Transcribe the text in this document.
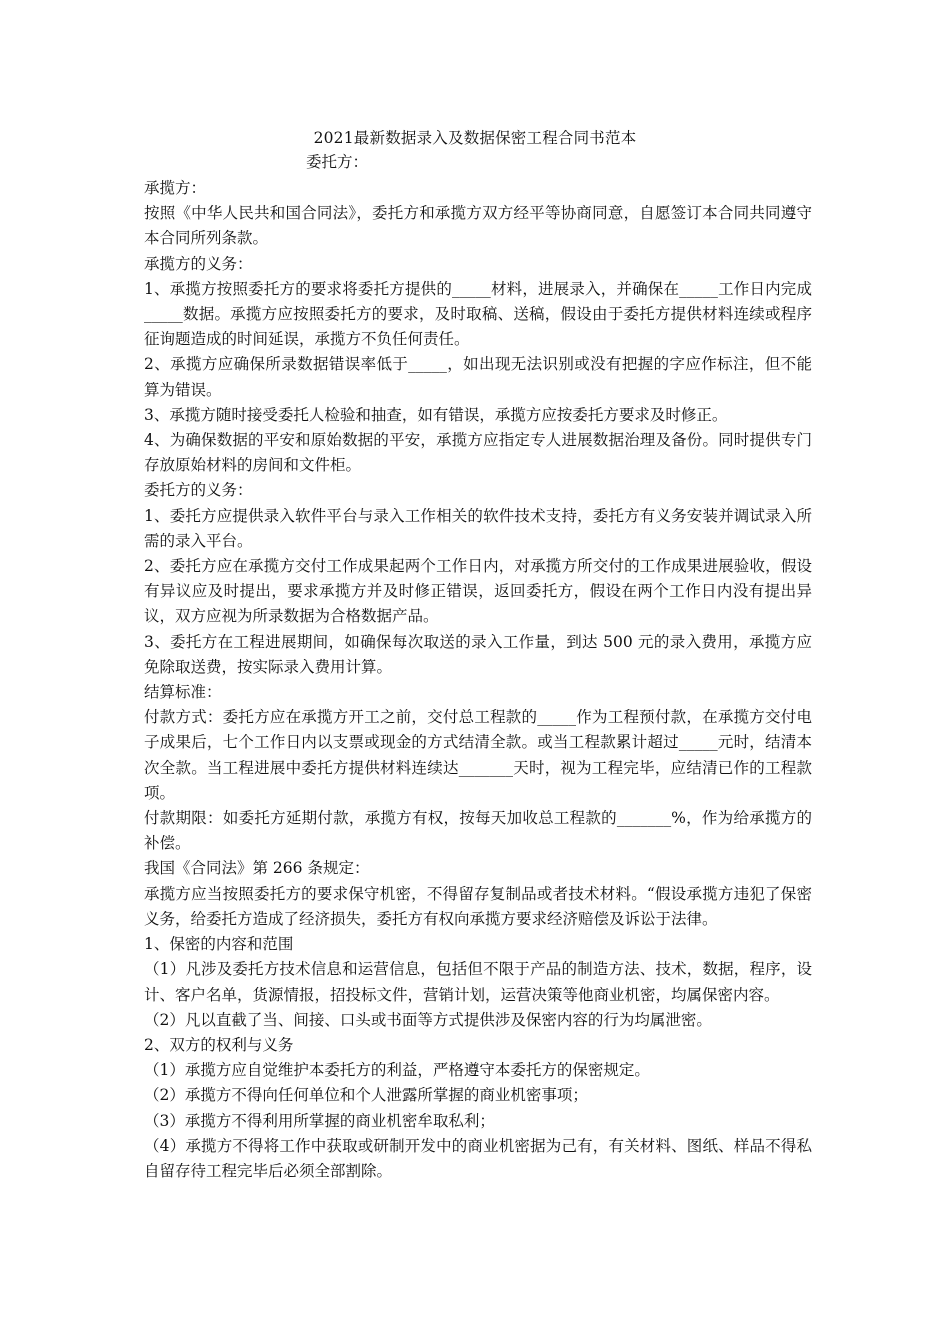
2021最新数据录入及数据保密工程合同书范本
委托方：

承揽方：

按照《中华人民共和国合同法》，委托方和承揽方双方经平等协商同意，自愿签订本合同共同遵守本合同所列条款。

承揽方的义务：

1、承揽方按照委托方的要求将委托方提供的_____材料，进展录入，并确保在_____工作日内完成_____数据。承揽方应按照委托方的要求，及时取稿、送稿，假设由于委托方提供材料连续或程序征询题造成的时间延误，承揽方不负任何责任。

2、承揽方应确保所录数据错误率低于_____，如出现无法识别或没有把握的字应作标注，但不能算为错误。

3、承揽方随时接受委托人检验和抽查，如有错误，承揽方应按委托方要求及时修正。

4、为确保数据的平安和原始数据的平安，承揽方应指定专人进展数据治理及备份。同时提供专门存放原始材料的房间和文件柜。

委托方的义务：

1、委托方应提供录入软件平台与录入工作相关的软件技术支持，委托方有义务安装并调试录入所需的录入平台。

2、委托方应在承揽方交付工作成果起两个工作日内，对承揽方所交付的工作成果进展验收，假设有异议应及时提出，要求承揽方并及时修正错误，返回委托方，假设在两个工作日内没有提出异议，双方应视为所录数据为合格数据产品。

3、委托方在工程进展期间，如确保每次取送的录入工作量，到达 500 元的录入费用，承揽方应免除取送费，按实际录入费用计算。

结算标准：

付款方式：委托方应在承揽方开工之前，交付总工程款的_____作为工程预付款，在承揽方交付电子成果后，七个工作日内以支票或现金的方式结清全款。或当工程款累计超过_____元时，结清本次全款。当工程进展中委托方提供材料连续达_______天时，视为工程完毕，应结清已作的工程款项。

付款期限：如委托方延期付款，承揽方有权，按每天加收总工程款的_______%，作为给承揽方的补偿。

我国《合同法》第 266 条规定：

承揽方应当按照委托方的要求保守机密，不得留存复制品或者技术材料。“假设承揽方违犯了保密义务，给委托方造成了经济损失，委托方有权向承揽方要求经济赔偿及诉讼于法律。

1、保密的内容和范围

（1）凡涉及委托方技术信息和运营信息，包括但不限于产品的制造方法、技术，数据，程序，设计、客户名单，货源情报，招投标文件，营销计划，运营决策等他商业机密，均属保密内容。

（2）凡以直截了当、间接、口头或书面等方式提供涉及保密内容的行为均属泄密。

2、双方的权利与义务

（1）承揽方应自觉维护本委托方的利益，严格遵守本委托方的保密规定。

（2）承揽方不得向任何单位和个人泄露所掌握的商业机密事项；

（3）承揽方不得利用所掌握的商业机密牟取私利；

（4）承揽方不得将工作中获取或研制开发中的商业机密据为己有，有关材料、图纸、样品不得私自留存待工程完毕后必须全部割除。
